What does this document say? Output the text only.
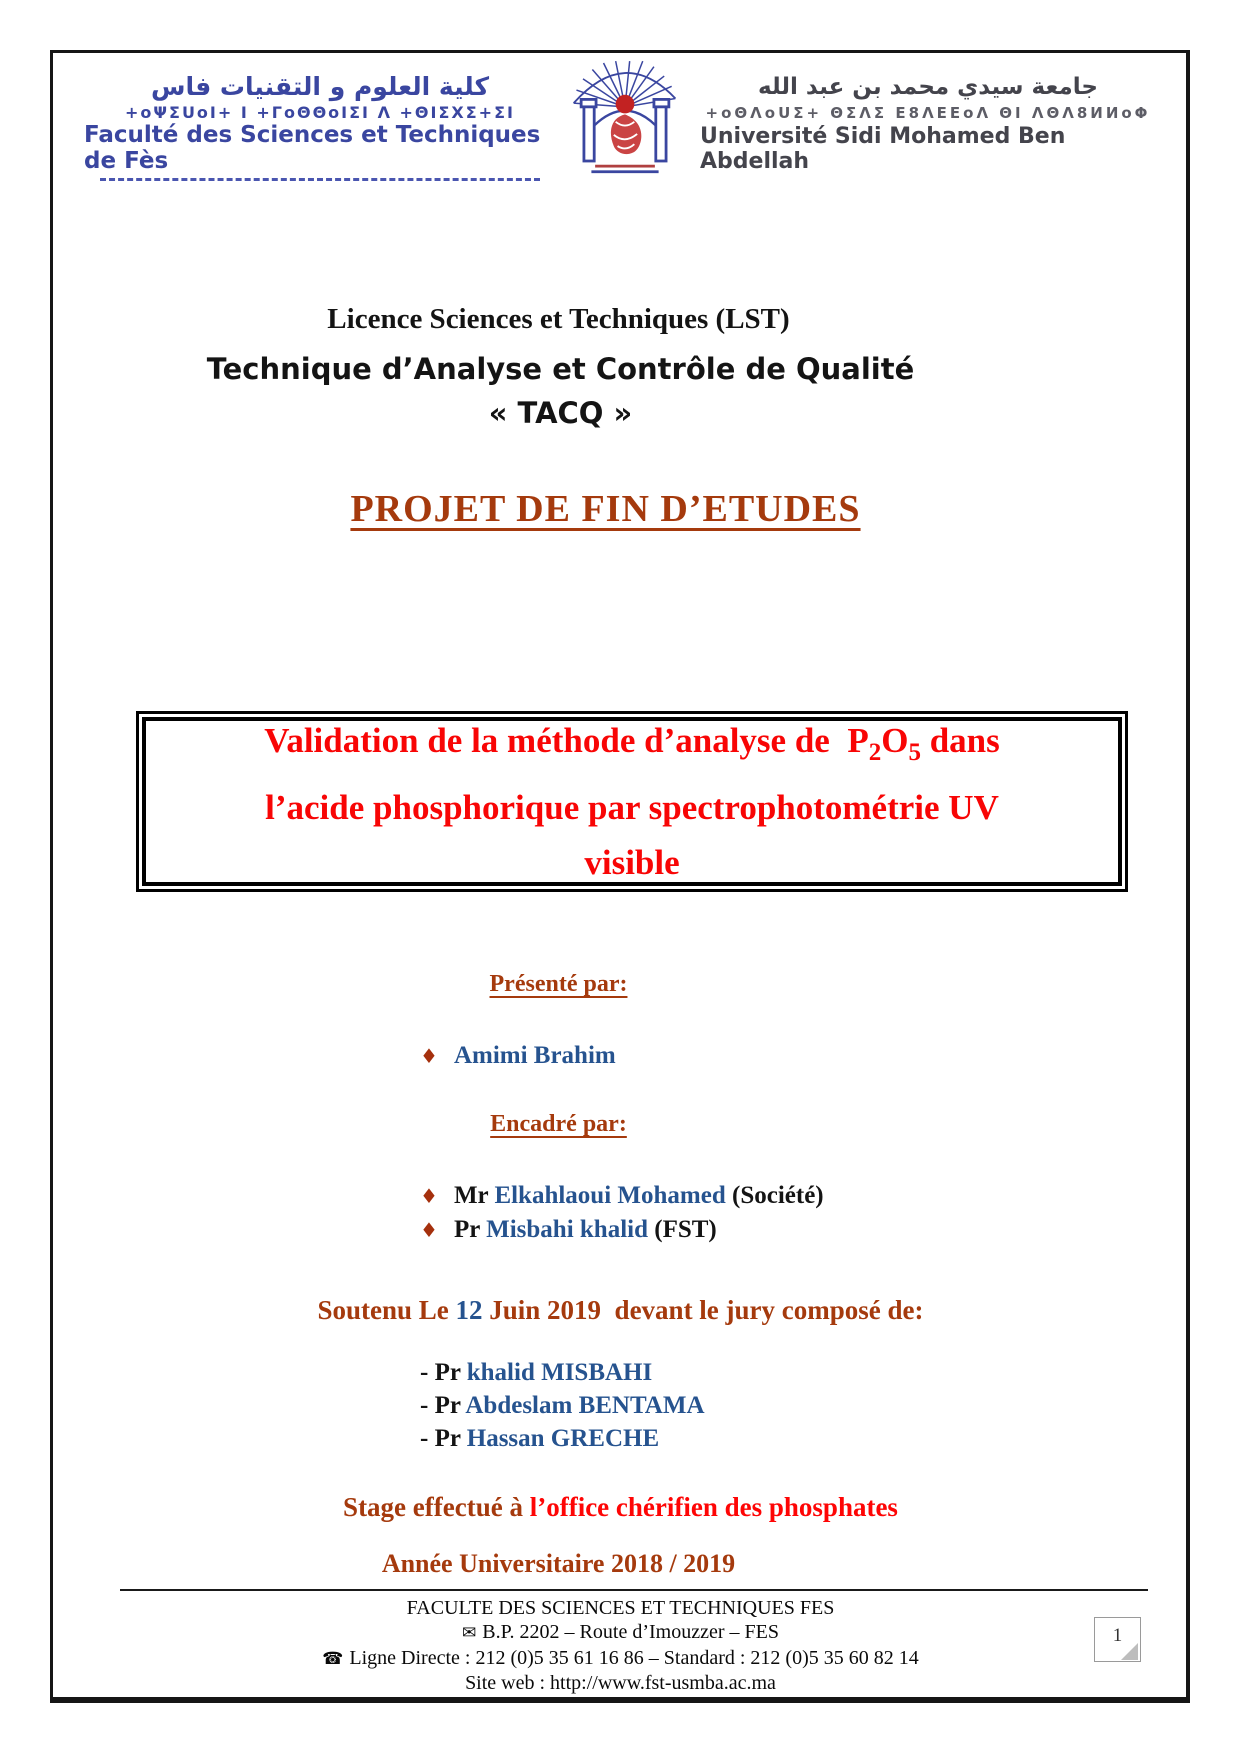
كلية العلوم و التقنيات فاس
+oΨΣUoI+ I +ΓoΘΘoIΣI Λ +ΘΙΣΧΣ+ΣΙ
Faculté des Sciences et Techniques de Fès
جامعة سيدي محمد بن عبد الله
+oΘΛoUΣ+ ΘΣΛΣ Ε8ΛΕΕoΛ ΘΙ ΛΘΛ8ИИoΦ
Université Sidi Mohamed Ben Abdellah
Licence Sciences et Techniques (LST)
Technique d’Analyse et Contrôle de Qualité
« TACQ »
PROJET DE FIN D’ETUDES
Validation de la méthode d’analyse de  $P_2O_5$ dans
l’acide phosphorique par spectrophotométrie UV
visible
Présenté par:
♦ Amimi Brahim
Encadré par:
♦ Mr Elkahlaoui Mohamed (Société)
♦ Pr Misbahi khalid (FST)
Soutenu Le 12 Juin 2019  devant le jury composé de:
- Pr khalid MISBAHI
- Pr Abdeslam BENTAMA
- Pr Hassan GRECHE
Stage effectué à l’office chérifien des phosphates
Année Universitaire 2018 / 2019
FACULTE DES SCIENCES ET TECHNIQUES FES
✉ B.P. 2202 – Route d’Imouzzer – FES
☎ Ligne Directe : 212 (0)5 35 61 16 86 – Standard : 212 (0)5 35 60 82 14
Site web : http://www.fst-usmba.ac.ma
1
